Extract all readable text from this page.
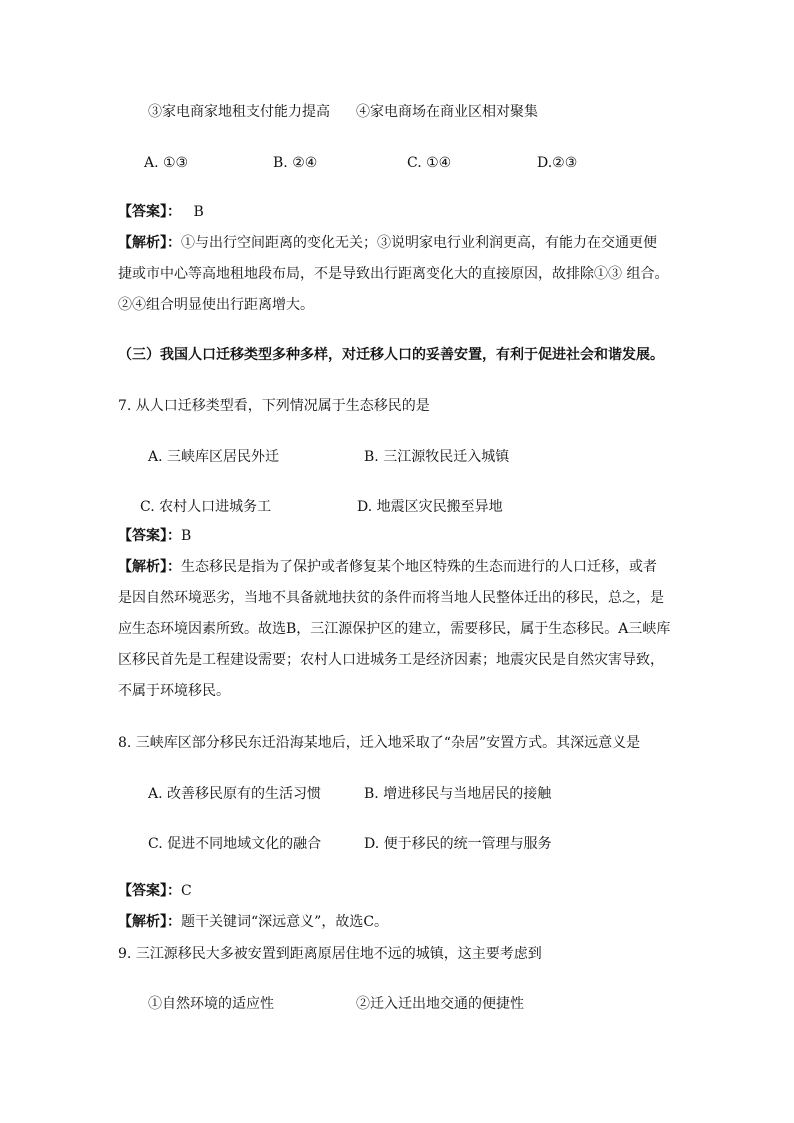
③家电商家地租支付能力提高 ④家电商场在商业区相对聚集
A. ①③	B. ②④	C. ①④	D.②③
【答案】： B
【解析】：①与出行空间距离的变化无关；③说明家电行业利润更高，有能力在交通更便
捷或市中心等高地租地段布局，不是导致出行距离变化大的直接原因，故排除①③ 组合。
②④组合明显使出行距离增大。
（三）我国人口迁移类型多种多样，对迁移人口的妥善安置，有利于促进社会和谐发展。
7. 从人口迁移类型看，下列情况属于生态移民的是
A. 三峡库区居民外迁	B. 三江源牧民迁入城镇
C. 农村人口进城务工	D. 地震区灾民搬至异地
【答案】：B
【解析】：生态移民是指为了保护或者修复某个地区特殊的生态而进行的人口迁移，或者
是因自然环境恶劣，当地不具备就地扶贫的条件而将当地人民整体迁出的移民，总之，是
应生态环境因素所致。故选B，三江源保护区的建立，需要移民，属于生态移民。A三峡库
区移民首先是工程建设需要；农村人口进城务工是经济因素；地震灾民是自然灾害导致，
不属于环境移民。
8. 三峡库区部分移民东迁沿海某地后，迁入地采取了“杂居”安置方式。其深远意义是
A. 改善移民原有的生活习惯	B. 增进移民与当地居民的接触
C. 促进不同地域文化的融合	D. 便于移民的统一管理与服务
【答案】：C
【解析】：题干关键词“深远意义”，故选C。
9. 三江源移民大多被安置到距离原居住地不远的城镇，这主要考虑到
①自然环境的适应性	②迁入迁出地交通的便捷性
